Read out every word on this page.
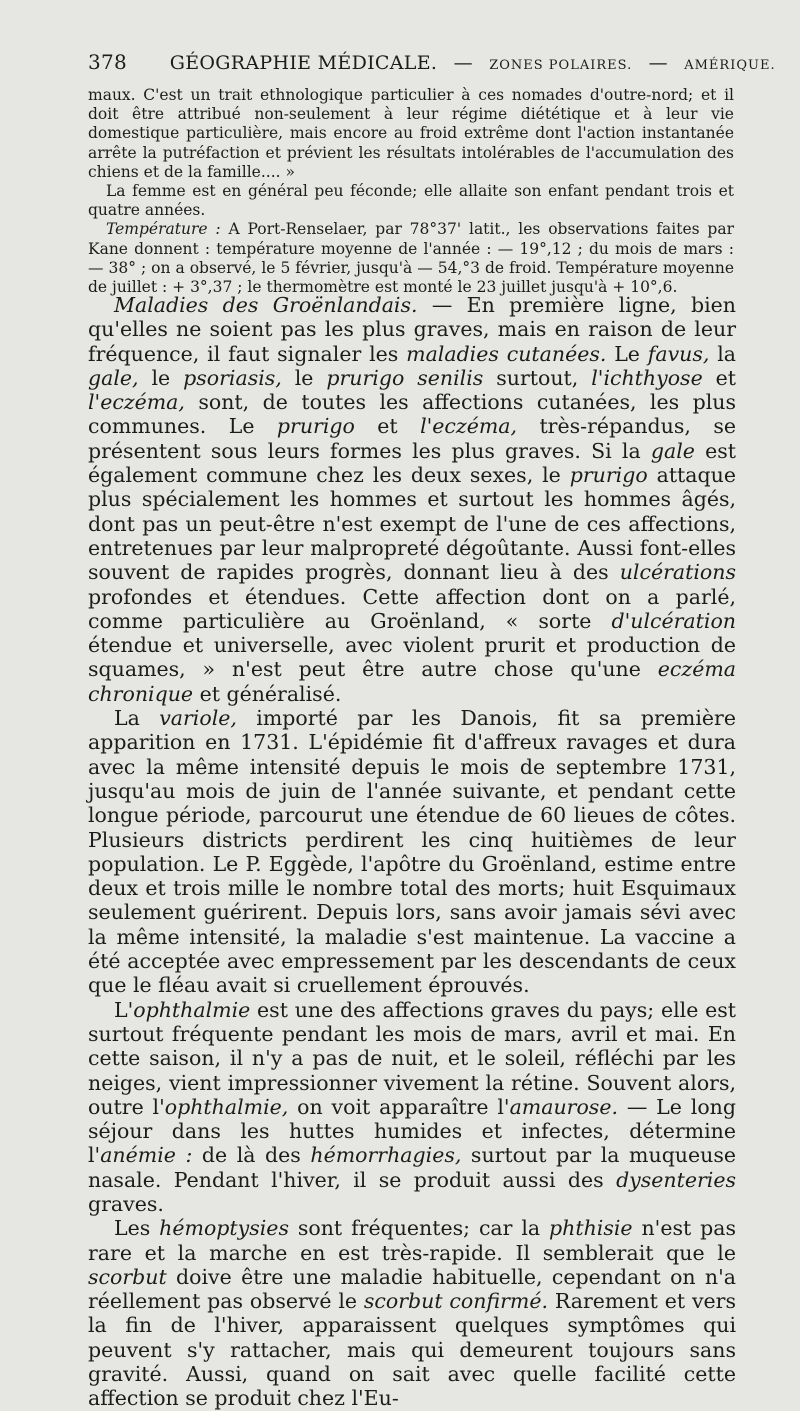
378 GÉOGRAPHIE MÉDICALE. — ZONES POLAIRES. — AMÉRIQUE.

maux. C'est un trait ethnologique particulier à ces nomades d'outre-nord; et il doit être attribué non-seulement à leur régime diététique et à leur vie domestique particulière, mais encore au froid extrême dont l'action instantanée arrête la putréfaction et prévient les résultats intolérables de l'accumulation des chiens et de la famille.... »

La femme est en général peu féconde; elle allaite son enfant pendant trois et quatre années.

Température : A Port-Renselaer, par 78°37' latit., les observations faites par Kane donnent : température moyenne de l'année : — 19°,12 ; du mois de mars : — 38° ; on a observé, le 5 février, jusqu'à — 54,°3 de froid. Température moyenne de juillet : + 3°,37 ; le thermomètre est monté le 23 juillet jusqu'à + 10°,6.

Maladies des Groënlandais. — En première ligne, bien qu'elles ne soient pas les plus graves, mais en raison de leur fréquence, il faut signaler les maladies cutanées. Le favus, la gale, le psoriasis, le prurigo senilis surtout, l'ichthyose et l'eczéma, sont, de toutes les affections cutanées, les plus communes. Le prurigo et l'eczéma, très-répandus, se présentent sous leurs formes les plus graves. Si la gale est également commune chez les deux sexes, le prurigo attaque plus spécialement les hommes et surtout les hommes âgés, dont pas un peut-être n'est exempt de l'une de ces affections, entretenues par leur malpropreté dégoûtante. Aussi font-elles souvent de rapides progrès, donnant lieu à des ulcérations profondes et étendues. Cette affection dont on a parlé, comme particulière au Groënland, « sorte d'ulcération étendue et universelle, avec violent prurit et production de squames, » n'est peut être autre chose qu'une eczéma chronique et généralisé.

La variole, importé par les Danois, fit sa première apparition en 1731. L'épidémie fit d'affreux ravages et dura avec la même intensité depuis le mois de septembre 1731, jusqu'au mois de juin de l'année suivante, et pendant cette longue période, parcourut une étendue de 60 lieues de côtes. Plusieurs districts perdirent les cinq huitièmes de leur population. Le P. Eggède, l'apôtre du Groënland, estime entre deux et trois mille le nombre total des morts; huit Esquimaux seulement guérirent. Depuis lors, sans avoir jamais sévi avec la même intensité, la maladie s'est maintenue. La vaccine a été acceptée avec empressement par les descendants de ceux que le fléau avait si cruellement éprouvés.

L'ophthalmie est une des affections graves du pays; elle est surtout fréquente pendant les mois de mars, avril et mai. En cette saison, il n'y a pas de nuit, et le soleil, réfléchi par les neiges, vient impressionner vivement la rétine. Souvent alors, outre l'ophthalmie, on voit apparaître l'amaurose. — Le long séjour dans les huttes humides et infectes, détermine l'anémie : de là des hémorrhagies, surtout par la muqueuse nasale. Pendant l'hiver, il se produit aussi des dysenteries graves.

Les hémoptysies sont fréquentes; car la phthisie n'est pas rare et la marche en est très-rapide. Il semblerait que le scorbut doive être une maladie habituelle, cependant on n'a réellement pas observé le scorbut confirmé. Rarement et vers la fin de l'hiver, apparaissent quelques symptômes qui peuvent s'y rattacher, mais qui demeurent toujours sans gravité. Aussi, quand on sait avec quelle facilité cette affection se produit chez l'Eu-
